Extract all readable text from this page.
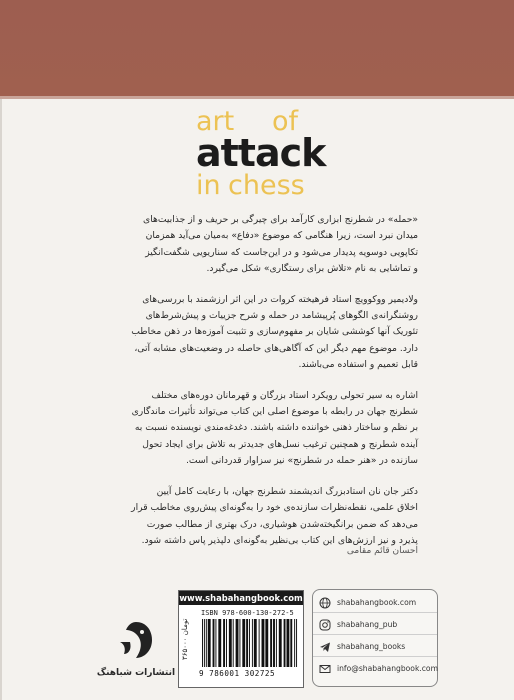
art of
attack
in chess

«حمله» در شطرنج ابزاری کارآمد برای چیرگی بر حریف و از جذابیت‌های
میدان نبرد است، زیرا هنگامی که موضوع «دفاع» به‌میان می‌آید همزمان
تکاپویی دوسویه پدیدار می‌شود و در این‌جاست که سناریویی شگفت‌انگیز
و تماشایی به نام «تلاش برای رستگاری» شکل می‌گیرد.

ولادیمیر ووکوویچ استاد فرهیخته کروات در این اثر ارزشمند با بررسی‌های
روشنگرانه‌ی الگوهای پُرپیشامد در حمله و شرح جزییات و پیش‌شرط‌های
تئوریک آنها کوششی شایان بر مفهوم‌سازی و تثبیت آموزه‌ها در ذهن مخاطب
دارد. موضوع مهم دیگر این که آگاهی‌های حاصله در وضعیت‌های مشابه آتی،
قابل تعمیم و استفاده می‌باشند.

اشاره به سیر تحولی رویکرد استاد بزرگان و قهرمانان دوره‌های مختلف
شطرنج جهان در رابطه با موضوع اصلی این کتاب می‌تواند تأثیرات ماندگاری
بر نظم و ساختار ذهنی خواننده داشته باشند. دغدغه‌مندی نویسنده نسبت به
آینده شطرنج و همچنین ترغیب نسل‌های جدیدتر به تلاش برای ایجاد تحول
سازنده در «هنر حمله در شطرنج» نیز سزاوار قدردانی است.

دکتر جان نان استادبزرگ اندیشمند شطرنج جهان، با رعایت کامل آیین
اخلاق علمی، نقطه‌نظرات سازنده‌ی خود را به‌گونه‌ای پیش‌روی مخاطب قرار
می‌دهد که ضمن برانگیخته‌شدن هوشیاری، درک بهتری از مطالب صورت
پذیرد و نیز ارزش‌های این کتاب بی‌نظیر به‌گونه‌ای دلپذیر پاس داشته شود.

احسان قائم مقامی
انتشارات شباهنگ
www.shabahangbook.com
۳۶۵۰۰۰ تومان
ISBN 978-600-130-272-5
9 786001 302725
shabahangbook.com
shabahang_pub
shabahang_books
info@shabahangbook.com
